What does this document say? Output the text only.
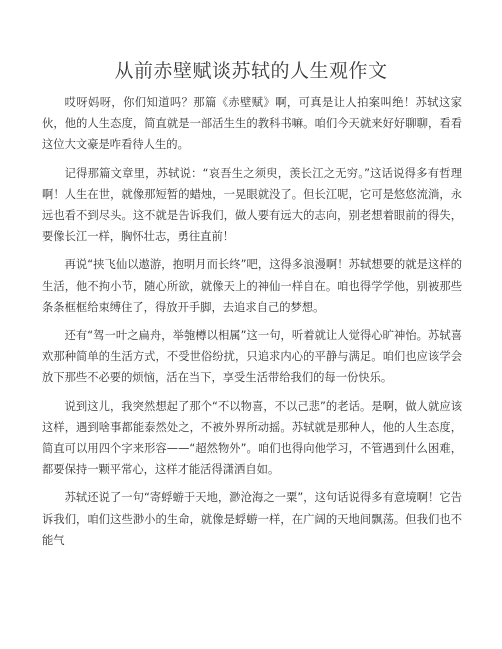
从前赤壁赋谈苏轼的人生观作文

哎呀妈呀，你们知道吗？那篇《赤壁赋》啊，可真是让人拍案叫绝！苏轼这家伙，他的人生态度，简直就是一部活生生的教科书嘛。咱们今天就来好好聊聊，看看这位大文豪是咋看待人生的。

记得那篇文章里，苏轼说：“哀吾生之须臾，羡长江之无穷。”这话说得多有哲理啊！人生在世，就像那短暂的蜡烛，一晃眼就没了。但长江呢，它可是悠悠流淌，永远也看不到尽头。这不就是告诉我们，做人要有远大的志向，别老想着眼前的得失，要像长江一样，胸怀壮志，勇往直前！

再说“挟飞仙以遨游，抱明月而长终”吧，这得多浪漫啊！苏轼想要的就是这样的生活，他不拘小节，随心所欲，就像天上的神仙一样自在。咱也得学学他，别被那些条条框框给束缚住了，得放开手脚，去追求自己的梦想。

还有“驾一叶之扁舟，举匏樽以相属”这一句，听着就让人觉得心旷神怡。苏轼喜欢那种简单的生活方式，不受世俗纷扰，只追求内心的平静与满足。咱们也应该学会放下那些不必要的烦恼，活在当下，享受生活带给我们的每一份快乐。

说到这儿，我突然想起了那个“不以物喜，不以己悲”的老话。是啊，做人就应该这样，遇到啥事都能泰然处之，不被外界所动摇。苏轼就是那种人，他的人生态度，简直可以用四个字来形容——“超然物外”。咱们也得向他学习，不管遇到什么困难，都要保持一颗平常心，这样才能活得潇洒自如。

苏轼还说了一句“寄蜉蝣于天地，渺沧海之一粟”，这句话说得多有意境啊！它告诉我们，咱们这些渺小的生命，就像是蜉蝣一样，在广阔的天地间飘荡。但我们也不能气
